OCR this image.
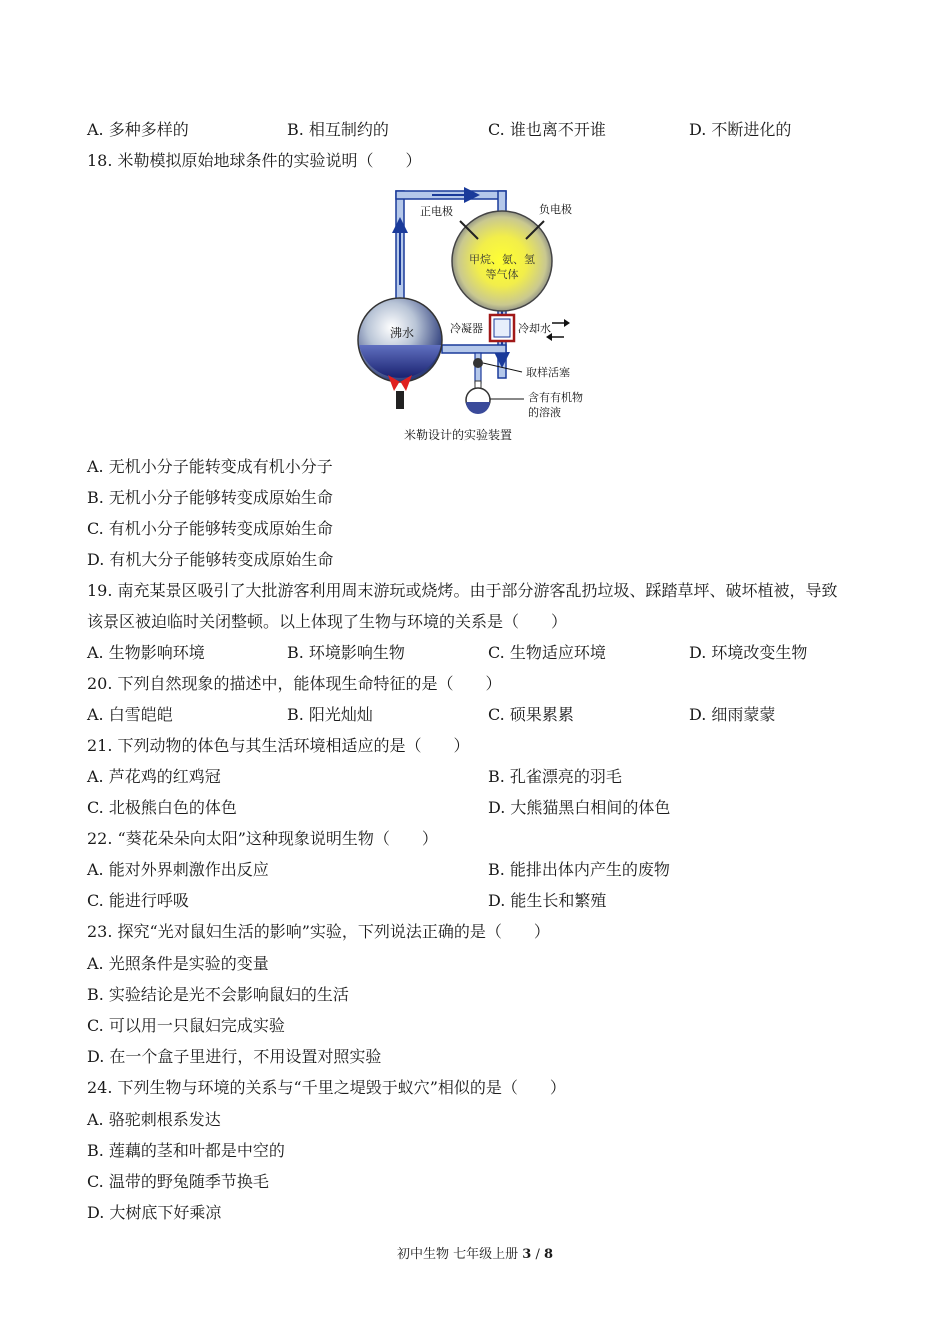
A. 多种多样的	B. 相互制约的	C. 谁也离不开谁	D. 不断进化的
18. 米勒模拟原始地球条件的实验说明（　　）
正电极	负电极
甲烷、氨、氢
等气体
冷凝器	冷却水
沸水
取样活塞
含有有机物
的溶液
米勒设计的实验装置
A. 无机小分子能转变成有机小分子
B. 无机小分子能够转变成原始生命
C. 有机小分子能够转变成原始生命
D. 有机大分子能够转变成原始生命
19. 南充某景区吸引了大批游客利用周末游玩或烧烤。由于部分游客乱扔垃圾、踩踏草坪、破坏植被，导致
该景区被迫临时关闭整顿。以上体现了生物与环境的关系是（　　）
A. 生物影响环境	B. 环境影响生物	C. 生物适应环境	D. 环境改变生物
20. 下列自然现象的描述中，能体现生命特征的是（　　）
A. 白雪皑皑	B. 阳光灿灿	C. 硕果累累	D. 细雨蒙蒙
21. 下列动物的体色与其生活环境相适应的是（　　）
A. 芦花鸡的红鸡冠	B. 孔雀漂亮的羽毛
C. 北极熊白色的体色	D. 大熊猫黑白相间的体色
22. “葵花朵朵向太阳”这种现象说明生物（　　）
A. 能对外界刺激作出反应	B. 能排出体内产生的废物
C. 能进行呼吸	D. 能生长和繁殖
23. 探究“光对鼠妇生活的影响”实验，下列说法正确的是（　　）
A. 光照条件是实验的变量
B. 实验结论是光不会影响鼠妇的生活
C. 可以用一只鼠妇完成实验
D. 在一个盒子里进行，不用设置对照实验
24. 下列生物与环境的关系与“千里之堤毁于蚁穴”相似的是（　　）
A. 骆驼刺根系发达
B. 莲藕的茎和叶都是中空的
C. 温带的野兔随季节换毛
D. 大树底下好乘凉
初中生物 七年级上册 3 / 8
